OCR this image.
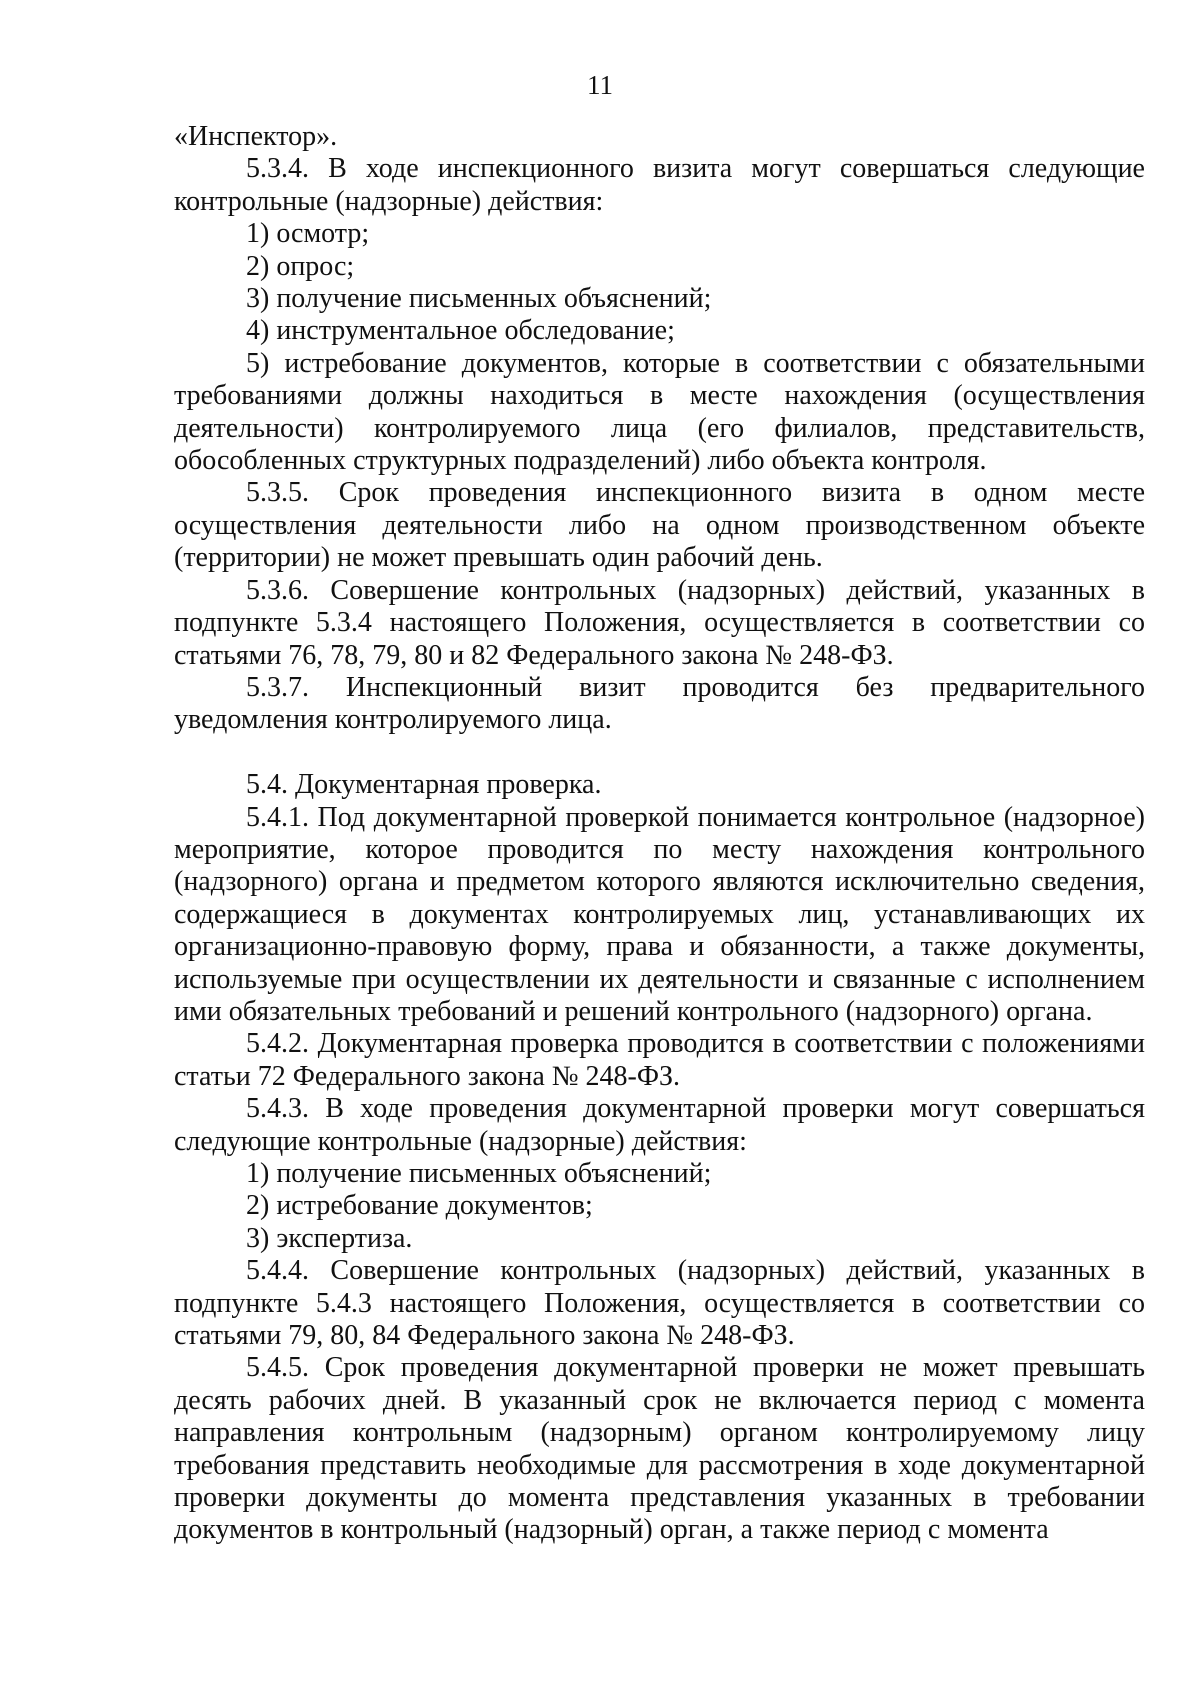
11

«Инспектор».

5.3.4. В ходе инспекционного визита могут совершаться следующие контрольные (надзорные) действия:

1) осмотр;

2) опрос;

3) получение письменных объяснений;

4) инструментальное обследование;

5) истребование документов, которые в соответствии с обязательными требованиями должны находиться в месте нахождения (осуществления деятельности) контролируемого лица (его филиалов, представительств, обособленных структурных подразделений) либо объекта контроля.

5.3.5. Срок проведения инспекционного визита в одном месте осуществления деятельности либо на одном производственном объекте (территории) не может превышать один рабочий день.

5.3.6. Совершение контрольных (надзорных) действий, указанных в подпункте 5.3.4 настоящего Положения, осуществляется в соответствии со статьями 76, 78, 79, 80 и 82 Федерального закона № 248-ФЗ.

5.3.7. Инспекционный визит проводится без предварительного уведомления контролируемого лица.

5.4. Документарная проверка.

5.4.1. Под документарной проверкой понимается контрольное (надзорное) мероприятие, которое проводится по месту нахождения контрольного (надзорного) органа и предметом которого являются исключительно сведения, содержащиеся в документах контролируемых лиц, устанавливающих их организационно-правовую форму, права и обязанности, а также документы, используемые при осуществлении их деятельности и связанные с исполнением ими обязательных требований и решений контрольного (надзорного) органа.

5.4.2. Документарная проверка проводится в соответствии с положениями статьи 72 Федерального закона № 248-ФЗ.

5.4.3. В ходе проведения документарной проверки могут совершаться следующие контрольные (надзорные) действия:

1) получение письменных объяснений;

2) истребование документов;

3) экспертиза.

5.4.4. Совершение контрольных (надзорных) действий, указанных в подпункте 5.4.3 настоящего Положения, осуществляется в соответствии со статьями 79, 80, 84 Федерального закона № 248-ФЗ.

5.4.5. Срок проведения документарной проверки не может превышать десять рабочих дней. В указанный срок не включается период с момента направления контрольным (надзорным) органом контролируемому лицу требования представить необходимые для рассмотрения в ходе документарной проверки документы до момента представления указанных в требовании документов в контрольный (надзорный) орган, а также период с момента
